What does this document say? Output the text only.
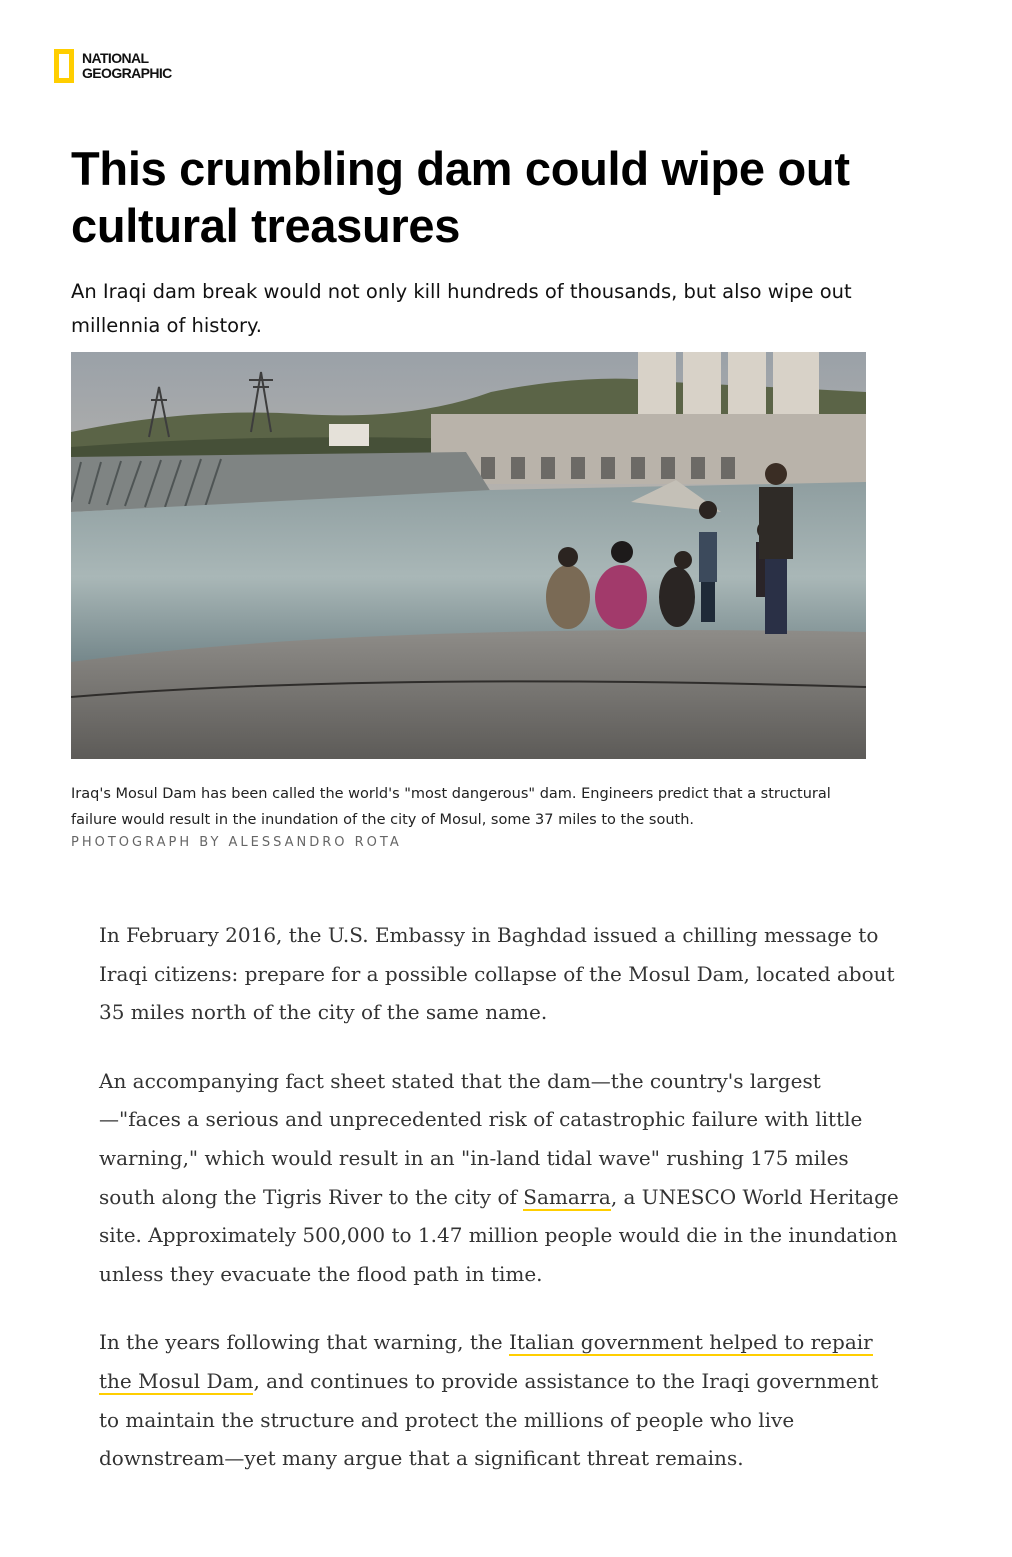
NATIONAL
GEOGRAPHIC
This crumbling dam could wipe out cultural treasures

An Iraqi dam break would not only kill hundreds of thousands, but also wipe out millennia of history.

Iraq's Mosul Dam has been called the world's "most dangerous" dam. Engineers predict that a structural failure would result in the inundation of the city of Mosul, some 37 miles to the south.

PHOTOGRAPH BY ALESSANDRO ROTA

In February 2016, the U.S. Embassy in Baghdad issued a chilling message to Iraqi citizens: prepare for a possible collapse of the Mosul Dam, located about 35 miles north of the city of the same name.

An accompanying fact sheet stated that the dam—the country's largest—"faces a serious and unprecedented risk of catastrophic failure with little warning," which would result in an "in-land tidal wave" rushing 175 miles south along the Tigris River to the city of Samarra, a UNESCO World Heritage site. Approximately 500,000 to 1.47 million people would die in the inundation unless they evacuate the flood path in time.

In the years following that warning, the Italian government helped to repair the Mosul Dam, and continues to provide assistance to the Iraqi government to maintain the structure and protect the millions of people who live downstream—yet many argue that a significant threat remains.
